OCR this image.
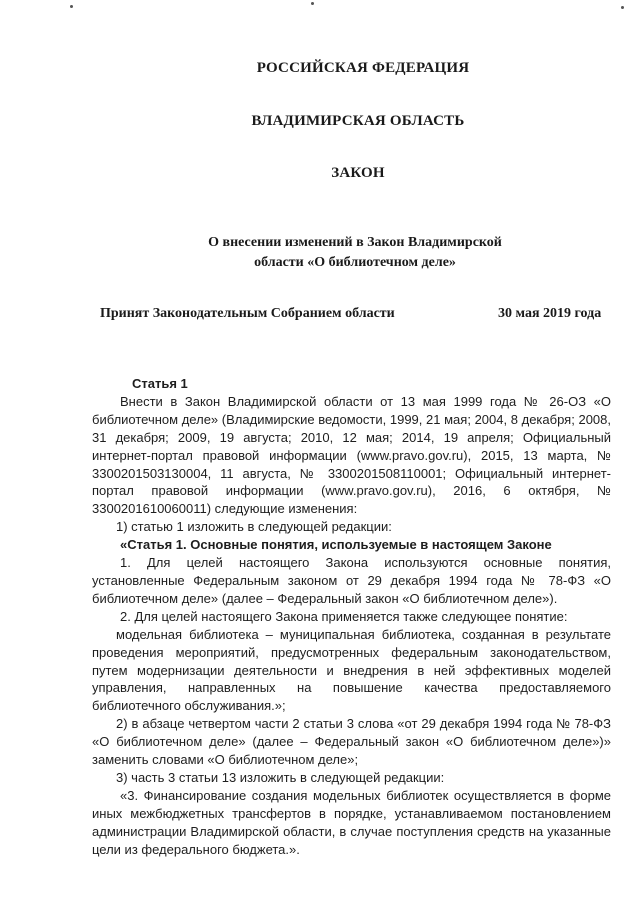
РОССИЙСКАЯ ФЕДЕРАЦИЯ
ВЛАДИМИРСКАЯ ОБЛАСТЬ
ЗАКОН
О внесении изменений в Закон Владимирской
области «О библиотечном деле»
Принят Законодательным Собранием области	30 мая 2019 года

Статья 1

Внести в Закон Владимирской области от 13 мая 1999 года № 26-ОЗ «О библиотечном деле» (Владимирские ведомости, 1999, 21 мая; 2004, 8 декабря; 2008, 31 декабря; 2009, 19 августа; 2010, 12 мая; 2014, 19 апреля; Официальный интернет-портал правовой информации (www.pravo.gov.ru), 2015, 13 марта, № 3300201503130004, 11 августа, № 3300201508110001; Официальный интернет-портал правовой информации (www.pravo.gov.ru), 2016, 6 октября, № 3300201610060011) следующие изменения:

1) статью 1 изложить в следующей редакции:

«Статья 1. Основные понятия, используемые в настоящем Законе

1. Для целей настоящего Закона используются основные понятия, установленные Федеральным законом от 29 декабря 1994 года № 78-ФЗ «О библиотечном деле» (далее – Федеральный закон «О библиотечном деле»).

2. Для целей настоящего Закона применяется также следующее понятие:

модельная библиотека – муниципальная библиотека, созданная в результате проведения мероприятий, предусмотренных федеральным законодательством, путем модернизации деятельности и внедрения в ней эффективных моделей управления, направленных на повышение качества предоставляемого библиотечного обслуживания.»;

2) в абзаце четвертом части 2 статьи 3 слова «от 29 декабря 1994 года № 78-ФЗ «О библиотечном деле» (далее – Федеральный закон «О библиотечном деле»)» заменить словами «О библиотечном деле»;

3) часть 3 статьи 13 изложить в следующей редакции:

«3. Финансирование создания модельных библиотек осуществляется в форме иных межбюджетных трансфертов в порядке, устанавливаемом постановлением администрации Владимирской области, в случае поступления средств на указанные цели из федерального бюджета.».
